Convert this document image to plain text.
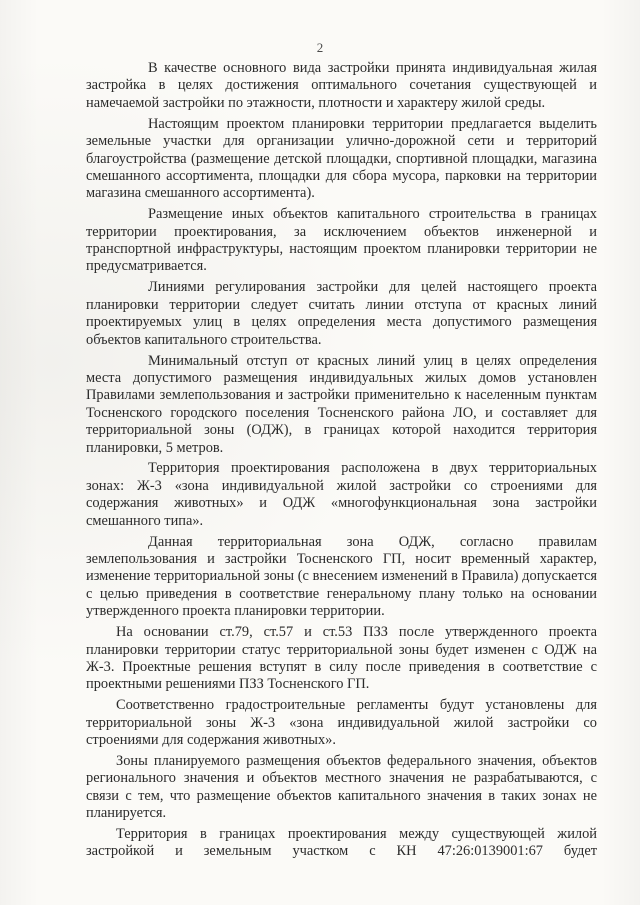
2

В качестве основного вида застройки принята индивидуальная жилая застройка в целях достижения оптимального сочетания существующей и намечаемой застройки по этажности, плотности и характеру жилой среды.

Настоящим проектом планировки территории предлагается выделить земельные участки для организации улично-дорожной сети и территорий благоустройства (размещение детской площадки, спортивной площадки, магазина смешанного ассортимента, площадки для сбора мусора, парковки на территории магазина смешанного ассортимента).

Размещение иных объектов капитального строительства в границах территории проектирования, за исключением объектов инженерной и транспортной инфраструктуры, настоящим проектом планировки территории не предусматривается.

Линиями регулирования застройки для целей настоящего проекта планировки территории следует считать линии отступа от красных линий проектируемых улиц в целях определения места допустимого размещения объектов капитального строительства.

Минимальный отступ от красных линий улиц в целях определения места допустимого размещения индивидуальных жилых домов установлен Правилами землепользования и застройки применительно к населенным пунктам Тосненского городского поселения Тосненского района ЛО, и составляет для территориальной зоны (ОДЖ), в границах которой находится территория планировки, 5 метров.

Территория проектирования расположена в двух территориальных зонах: Ж-3 «зона индивидуальной жилой застройки со строениями для содержания животных» и ОДЖ «многофункциональная зона застройки смешанного типа».

Данная территориальная зона ОДЖ, согласно правилам землепользования и застройки Тосненского ГП, носит временный характер, изменение территориальной зоны (с внесением изменений в Правила) допускается с целью приведения в соответствие генеральному плану только на основании утвержденного проекта планировки территории.

На основании ст.79, ст.57 и ст.53 ПЗЗ после утвержденного проекта планировки территории статус территориальной зоны будет изменен с ОДЖ на Ж-3. Проектные решения вступят в силу после приведения в соответствие с проектными решениями ПЗЗ Тосненского ГП.

Соответственно градостроительные регламенты будут установлены для территориальной зоны Ж-3 «зона индивидуальной жилой застройки со строениями для содержания животных».

Зоны планируемого размещения объектов федерального значения, объектов регионального значения и объектов местного значения не разрабатываются, с связи с тем, что размещение объектов капитального значения в таких зонах не планируется.

Территория в границах проектирования между существующей жилой застройкой и земельным участком с КН 47:26:0139001:67 будет
